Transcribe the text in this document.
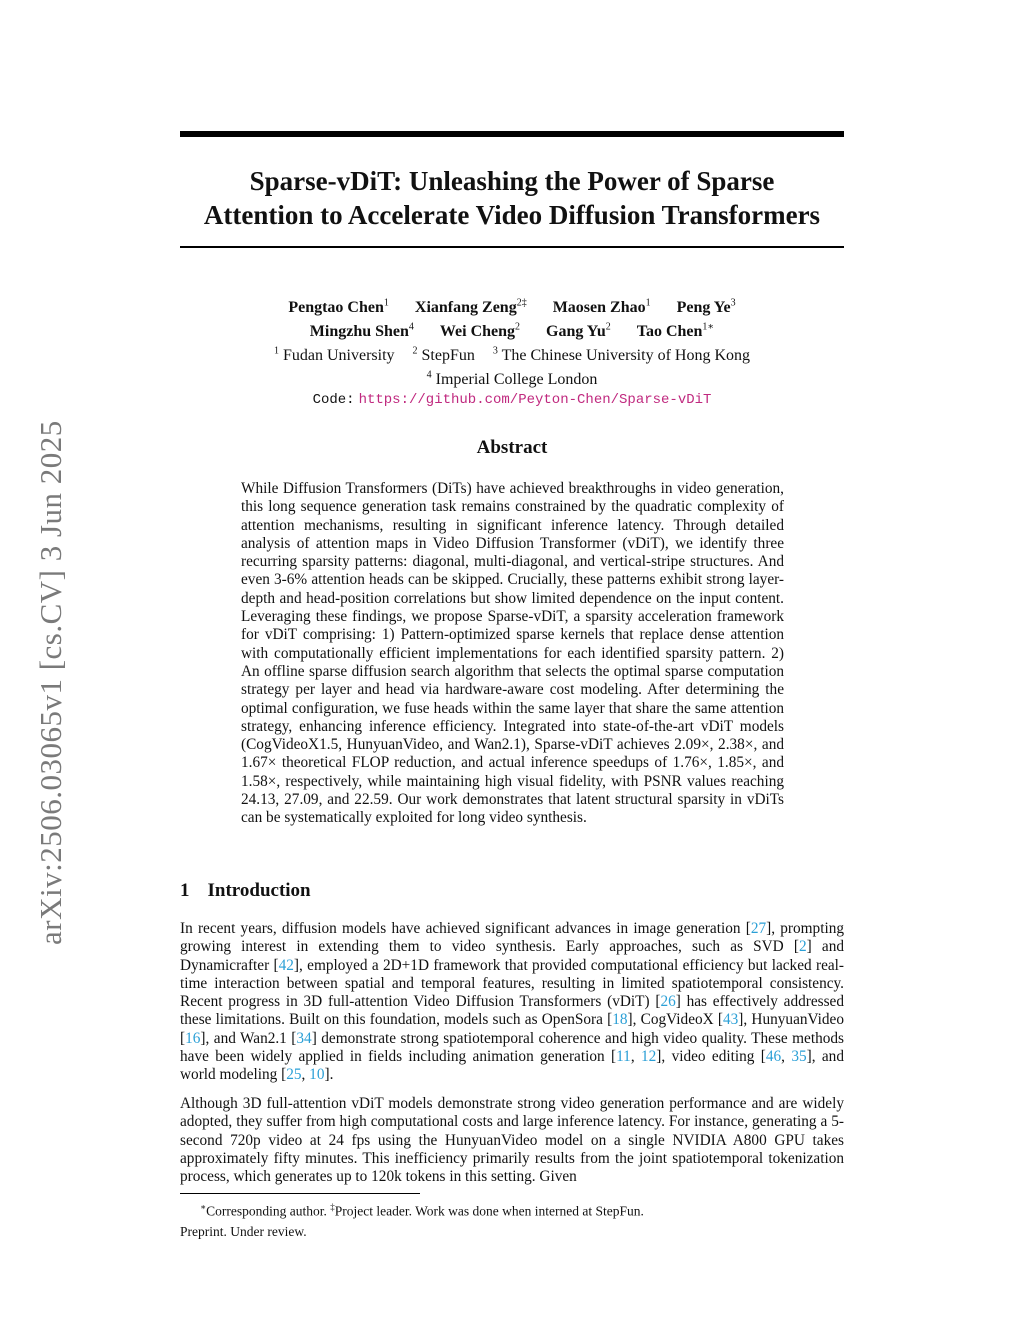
arXiv:2506.03065v1 [cs.CV] 3 Jun 2025
Sparse-vDiT: Unleashing the Power of Sparse
Attention to Accelerate Video Diffusion Transformers
Pengtao Chen$^1$ Xianfang Zeng$^{2\ddagger}$ Maosen Zhao$^1$ Peng Ye$^3$
Mingzhu Shen$^4$ Wei Cheng$^2$ Gang Yu$^2$ Tao Chen$^{1∗}$
$^1$ Fudan University $^2$ StepFun $^3$ The Chinese University of Hong Kong
$^4$ Imperial College London
Code: https://github.com/Peyton-Chen/Sparse-vDiT
Abstract
While Diffusion Transformers (DiTs) have achieved breakthroughs in video generation, this long sequence generation task remains constrained by the quadratic complexity of attention mechanisms, resulting in significant inference latency. Through detailed analysis of attention maps in Video Diffusion Transformer (vDiT), we identify three recurring sparsity patterns: diagonal, multi-diagonal, and vertical-stripe structures. And even 3-6% attention heads can be skipped. Crucially, these patterns exhibit strong layer-depth and head-position correlations but show limited dependence on the input content. Leveraging these findings, we propose Sparse-vDiT, a sparsity acceleration framework for vDiT comprising: 1) Pattern-optimized sparse kernels that replace dense attention with computationally efficient implementations for each identified sparsity pattern. 2) An offline sparse diffusion search algorithm that selects the optimal sparse computation strategy per layer and head via hardware-aware cost modeling. After determining the optimal configuration, we fuse heads within the same layer that share the same attention strategy, enhancing inference efficiency. Integrated into state-of-the-art vDiT models (CogVideoX1.5, HunyuanVideo, and Wan2.1), Sparse-vDiT achieves 2.09×, 2.38×, and 1.67× theoretical FLOP reduction, and actual inference speedups of 1.76×, 1.85×, and 1.58×, respectively, while maintaining high visual fidelity, with PSNR values reaching 24.13, 27.09, and 22.59. Our work demonstrates that latent structural sparsity in vDiTs can be systematically exploited for long video synthesis.
1 Introduction
In recent years, diffusion models have achieved significant advances in image generation [27], prompting growing interest in extending them to video synthesis. Early approaches, such as SVD [2] and Dynamicrafter [42], employed a 2D+1D framework that provided computational efficiency but lacked real-time interaction between spatial and temporal features, resulting in limited spatiotemporal consistency. Recent progress in 3D full-attention Video Diffusion Transformers (vDiT) [26] has effectively addressed these limitations. Built on this foundation, models such as OpenSora [18], CogVideoX [43], HunyuanVideo [16], and Wan2.1 [34] demonstrate strong spatiotemporal coherence and high video quality. These methods have been widely applied in fields including animation generation [11, 12], video editing [46, 35], and world modeling [25, 10].
Although 3D full-attention vDiT models demonstrate strong video generation performance and are widely adopted, they suffer from high computational costs and large inference latency. For instance, generating a 5-second 720p video at 24 fps using the HunyuanVideo model on a single NVIDIA A800 GPU takes approximately fifty minutes. This inefficiency primarily results from the joint spatiotemporal tokenization process, which generates up to 120k tokens in this setting. Given
∗Corresponding author. ‡Project leader. Work was done when interned at StepFun.
Preprint. Under review.
